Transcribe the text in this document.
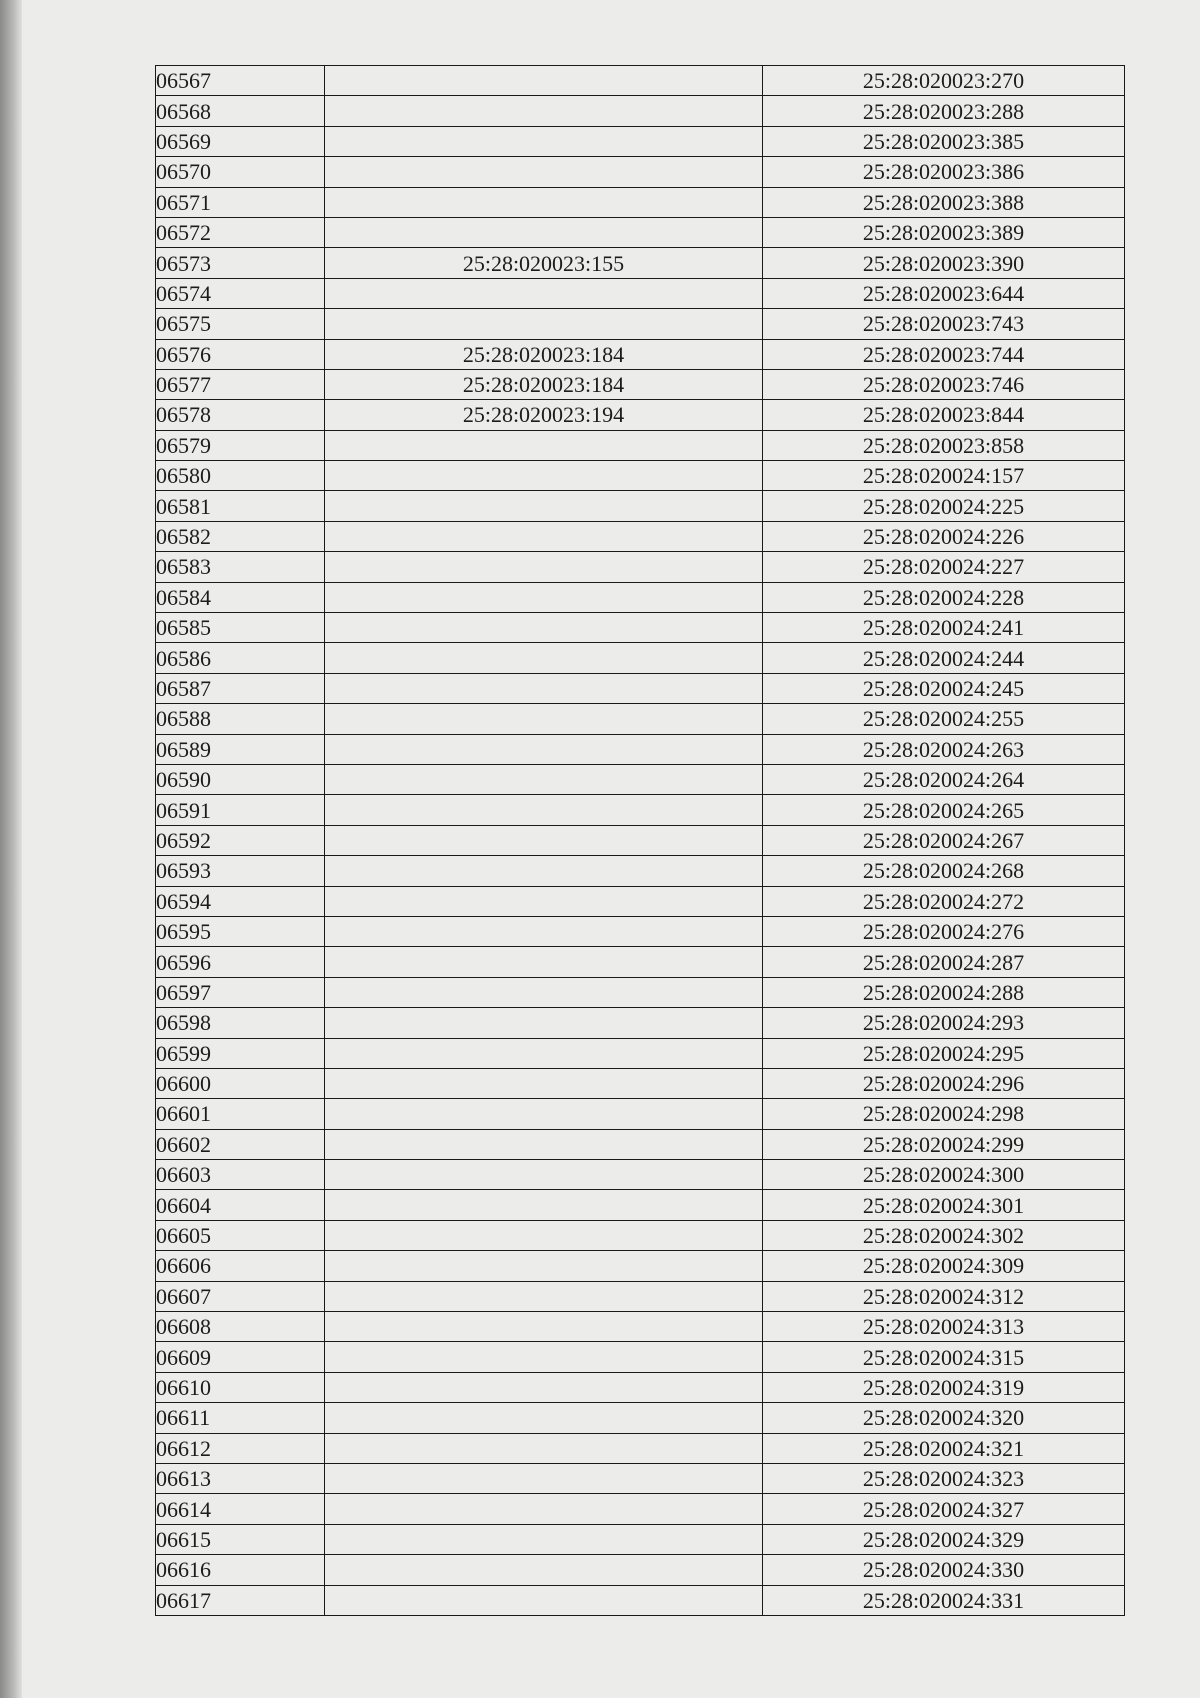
06567		25:28:020023:270
06568		25:28:020023:288
06569		25:28:020023:385
06570		25:28:020023:386
06571		25:28:020023:388
06572		25:28:020023:389
06573	25:28:020023:155	25:28:020023:390
06574		25:28:020023:644
06575		25:28:020023:743
06576	25:28:020023:184	25:28:020023:744
06577	25:28:020023:184	25:28:020023:746
06578	25:28:020023:194	25:28:020023:844
06579		25:28:020023:858
06580		25:28:020024:157
06581		25:28:020024:225
06582		25:28:020024:226
06583		25:28:020024:227
06584		25:28:020024:228
06585		25:28:020024:241
06586		25:28:020024:244
06587		25:28:020024:245
06588		25:28:020024:255
06589		25:28:020024:263
06590		25:28:020024:264
06591		25:28:020024:265
06592		25:28:020024:267
06593		25:28:020024:268
06594		25:28:020024:272
06595		25:28:020024:276
06596		25:28:020024:287
06597		25:28:020024:288
06598		25:28:020024:293
06599		25:28:020024:295
06600		25:28:020024:296
06601		25:28:020024:298
06602		25:28:020024:299
06603		25:28:020024:300
06604		25:28:020024:301
06605		25:28:020024:302
06606		25:28:020024:309
06607		25:28:020024:312
06608		25:28:020024:313
06609		25:28:020024:315
06610		25:28:020024:319
06611		25:28:020024:320
06612		25:28:020024:321
06613		25:28:020024:323
06614		25:28:020024:327
06615		25:28:020024:329
06616		25:28:020024:330
06617		25:28:020024:331
